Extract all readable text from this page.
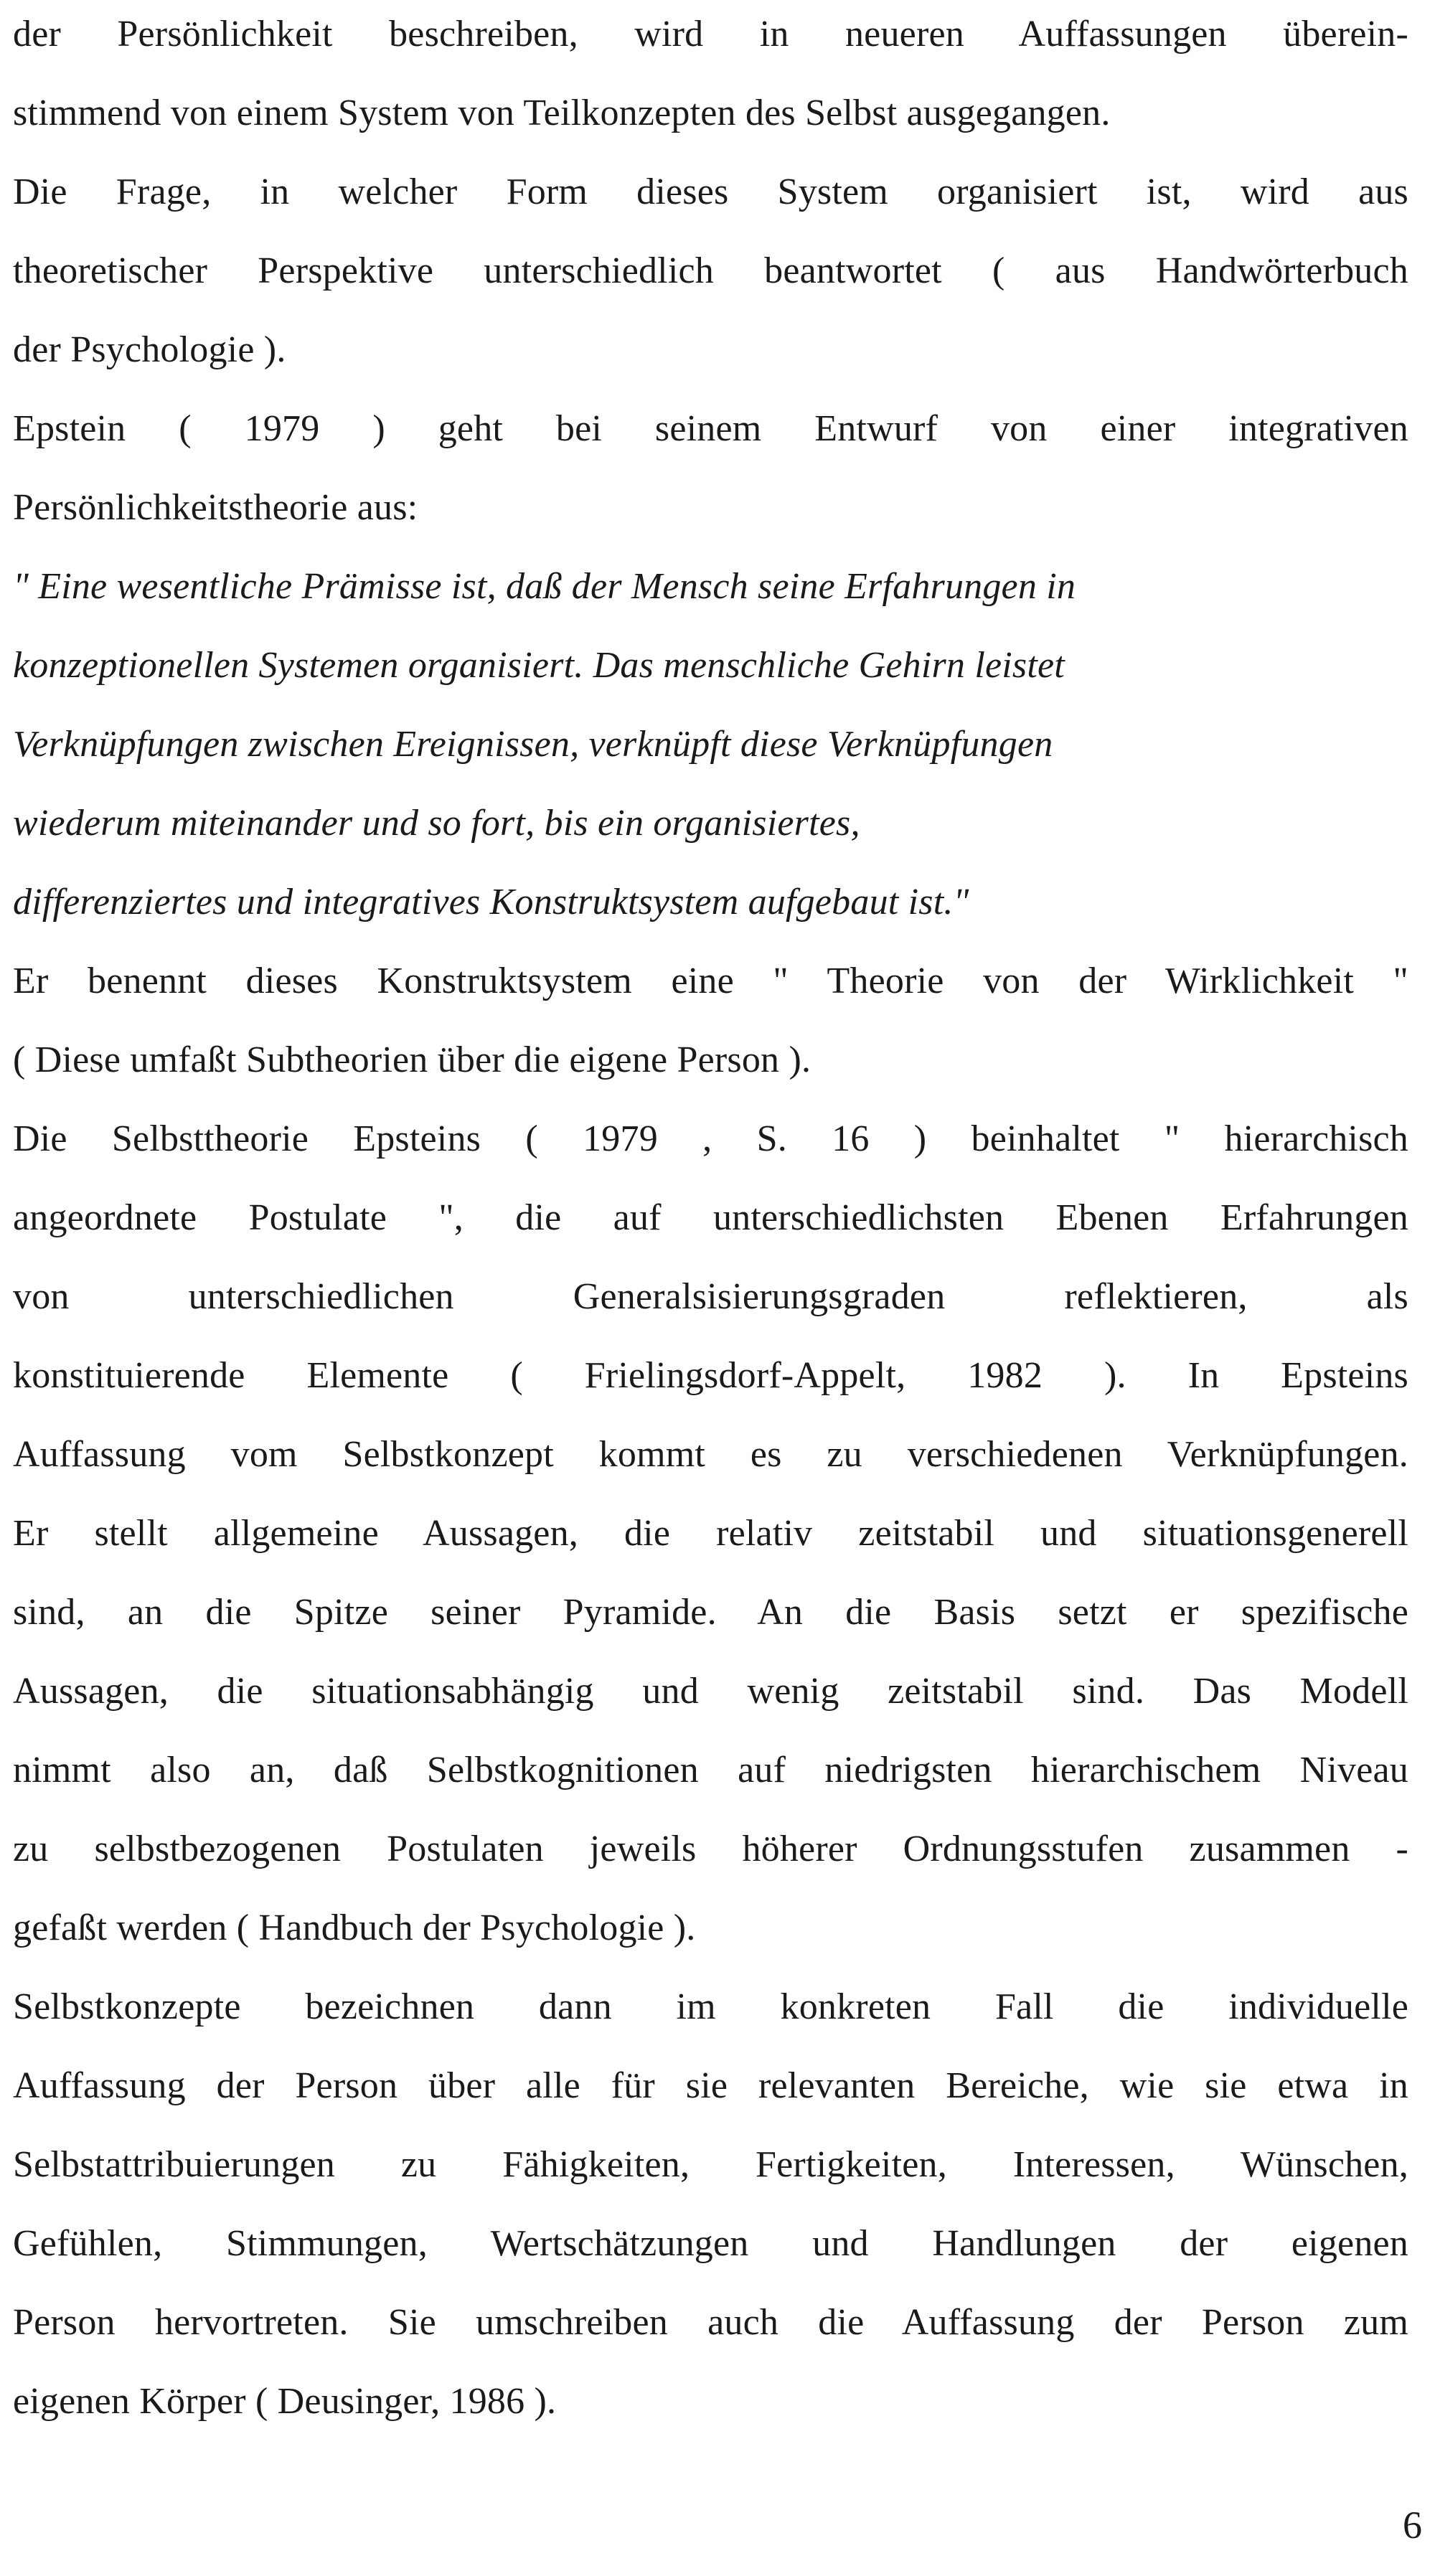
der Persönlichkeit beschreiben, wird in neueren Auffassungen überein-
stimmend von einem System von Teilkonzepten des Selbst ausgegangen.
Die Frage, in welcher Form dieses System organisiert ist, wird aus
theoretischer Perspektive unterschiedlich beantwortet ( aus Handwörterbuch
der Psychologie ).
Epstein ( 1979 ) geht bei seinem Entwurf von einer integrativen
Persönlichkeitstheorie aus:
" Eine wesentliche Prämisse ist, daß der Mensch seine Erfahrungen in
konzeptionellen Systemen organisiert. Das menschliche Gehirn leistet
Verknüpfungen zwischen Ereignissen, verknüpft diese Verknüpfungen
wiederum miteinander und so fort, bis ein organisiertes,
differenziertes und integratives Konstruktsystem aufgebaut ist."
Er benennt dieses Konstruktsystem eine " Theorie von der Wirklichkeit "
( Diese umfaßt Subtheorien über die eigene Person ).
Die Selbsttheorie Epsteins ( 1979 , S. 16 ) beinhaltet " hierarchisch
angeordnete Postulate ", die auf unterschiedlichsten Ebenen Erfahrungen
von unterschiedlichen Generalsisierungsgraden reflektieren, als
konstituierende Elemente ( Frielingsdorf-Appelt, 1982 ). In Epsteins
Auffassung vom Selbstkonzept kommt es zu verschiedenen Verknüpfungen.
Er stellt allgemeine Aussagen, die relativ zeitstabil und situationsgenerell
sind, an die Spitze seiner Pyramide. An die Basis setzt er spezifische
Aussagen, die situationsabhängig und wenig zeitstabil sind. Das Modell
nimmt also an, daß Selbstkognitionen auf niedrigsten hierarchischem Niveau
zu selbstbezogenen Postulaten jeweils höherer Ordnungsstufen zusammen -
gefaßt werden ( Handbuch der Psychologie ).
Selbstkonzepte bezeichnen dann im konkreten Fall die individuelle
Auffassung der Person über alle für sie relevanten Bereiche, wie sie etwa in
Selbstattribuierungen zu Fähigkeiten, Fertigkeiten, Interessen, Wünschen,
Gefühlen, Stimmungen, Wertschätzungen und Handlungen der eigenen
Person hervortreten. Sie umschreiben auch die Auffassung der Person zum
eigenen Körper ( Deusinger, 1986 ).
6
